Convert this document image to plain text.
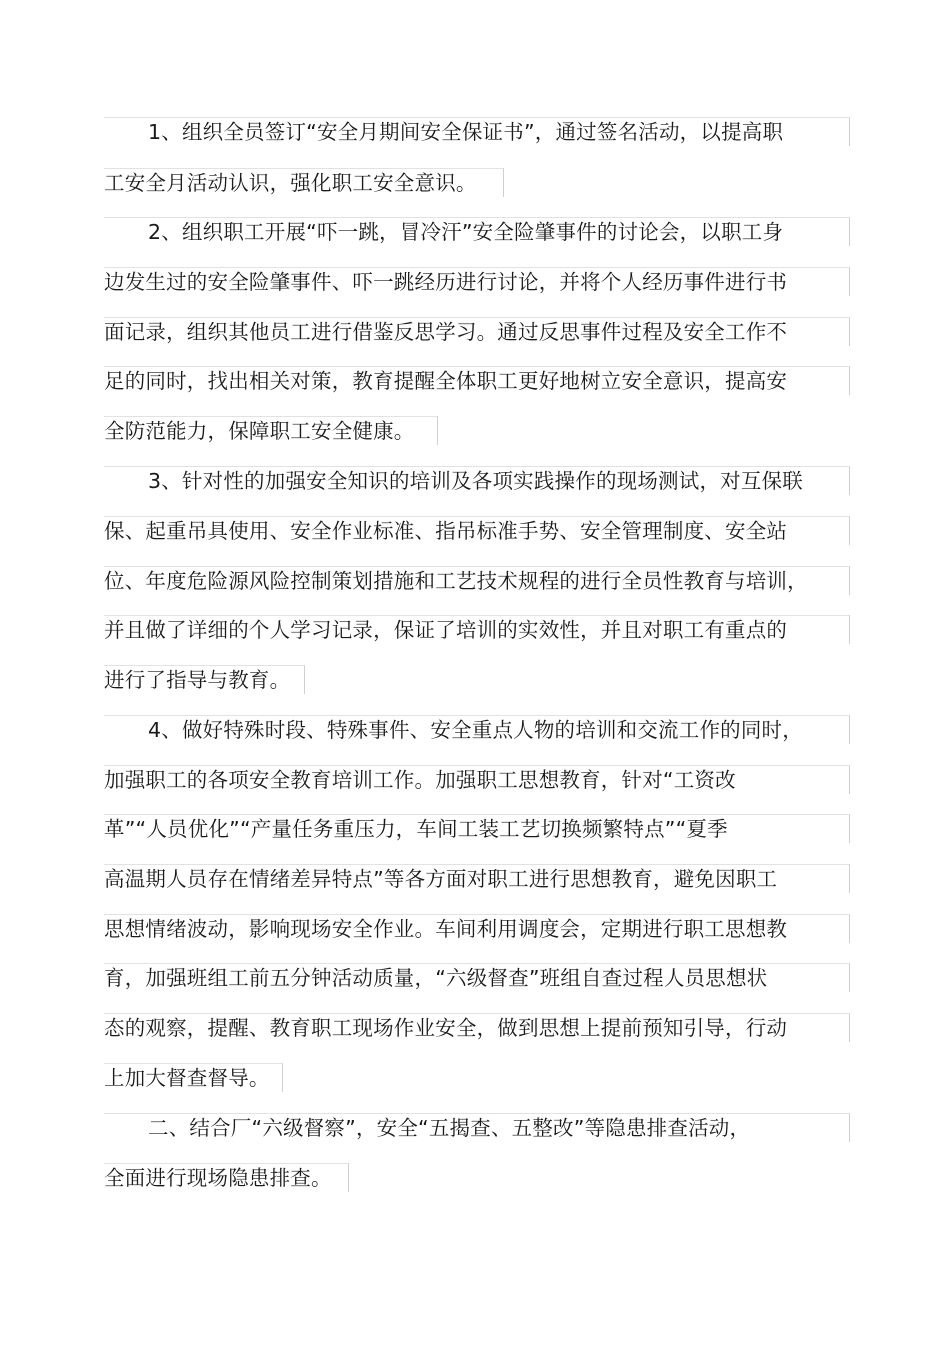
1、组织全员签订“安全月期间安全保证书”，通过签名活动，以提高职
工安全月活动认识，强化职工安全意识。
2、组织职工开展“吓一跳，冒冷汗”安全险肇事件的讨论会，以职工身
边发生过的安全险肇事件、吓一跳经历进行讨论，并将个人经历事件进行书
面记录，组织其他员工进行借鉴反思学习。通过反思事件过程及安全工作不
足的同时，找出相关对策，教育提醒全体职工更好地树立安全意识，提高安
全防范能力，保障职工安全健康。
3、针对性的加强安全知识的培训及各项实践操作的现场测试，对互保联
保、起重吊具使用、安全作业标准、指吊标准手势、安全管理制度、安全站
位、年度危险源风险控制策划措施和工艺技术规程的进行全员性教育与培训，
并且做了详细的个人学习记录，保证了培训的实效性，并且对职工有重点的
进行了指导与教育。
4、做好特殊时段、特殊事件、安全重点人物的培训和交流工作的同时，
加强职工的各项安全教育培训工作。加强职工思想教育，针对“工资改
革”“人员优化”“产量任务重压力，车间工装工艺切换频繁特点”“夏季
高温期人员存在情绪差异特点”等各方面对职工进行思想教育，避免因职工
思想情绪波动，影响现场安全作业。车间利用调度会，定期进行职工思想教
育，加强班组工前五分钟活动质量，“六级督查”班组自查过程人员思想状
态的观察，提醒、教育职工现场作业安全，做到思想上提前预知引导，行动
上加大督查督导。
二、结合厂“六级督察”，安全“五揭查、五整改”等隐患排查活动，
全面进行现场隐患排查。
